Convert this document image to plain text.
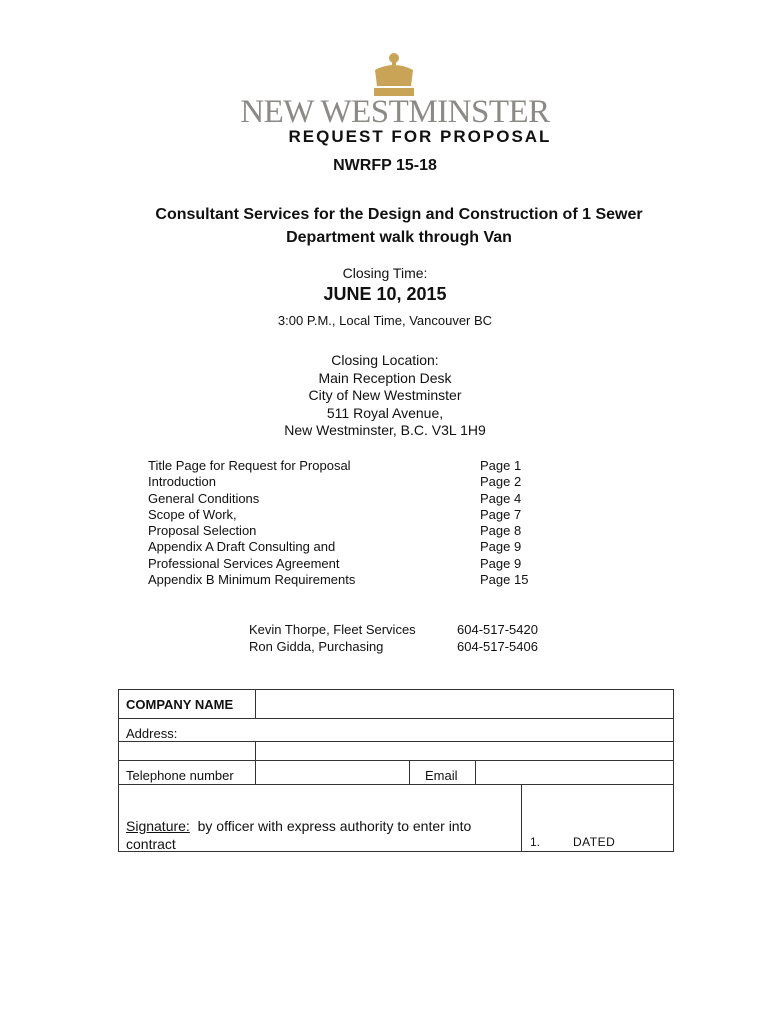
NEW WESTMINSTER
REQUEST FOR PROPOSAL
NWRFP 15-18
Consultant Services for the Design and Construction of 1 Sewer
Department walk through Van
Closing Time:
JUNE 10, 2015
3:00 P.M., Local Time, Vancouver BC
Closing Location:
Main Reception Desk
City of New Westminster
511 Royal Avenue,
New Westminster, B.C. V3L 1H9
Title Page for Request for Proposal	Page 1
Introduction	Page 2
General Conditions	Page 4
Scope of Work,	Page 7
Proposal Selection	Page 8
Appendix A Draft Consulting and	Page 9
Professional Services Agreement	Page 9
Appendix B Minimum Requirements	Page 15
Kevin Thorpe, Fleet Services	604-517-5420
Ron Gidda, Purchasing	604-517-5406
COMPANY NAME
Address:
Telephone number	Email
Signature: by officer with express authority to enter into
contract	1.	DATED
